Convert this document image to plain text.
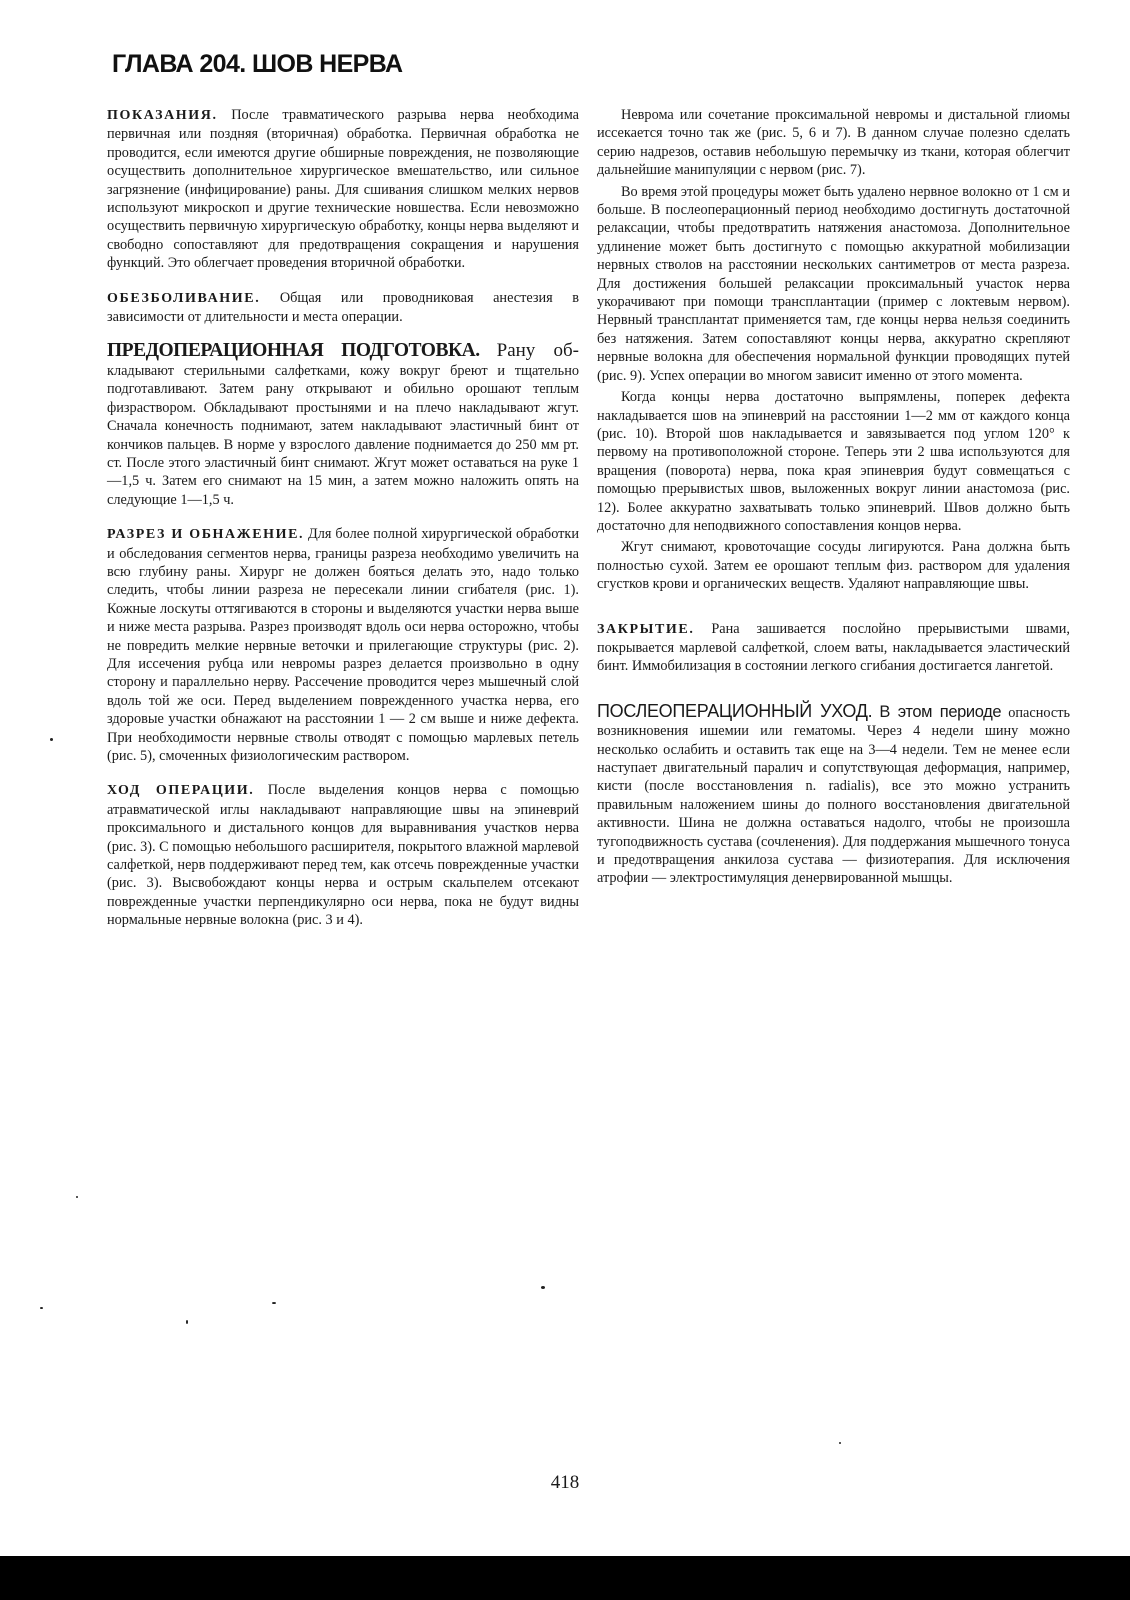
ГЛАВА 204. ШОВ НЕРВА

ПОКАЗАНИЯ. После травматического разрыва нерва необходима первичная или поздняя (вторичная) обработка. Первичная обработка не проводится, если имеются другие обширные повреждения, не позволяющие осуществить дополнительное хирургическое вмешательство, или сильное загрязнение (инфицирование) раны. Для сшивания слишком мелких нервов используют микроскоп и другие технические новшества. Если невозможно осуществить первичную хирургическую обработку, концы нерва выделяют и свободно сопоставляют для предотвращения сокращения и нарушения функций. Это облегчает проведения вторичной обработки.

ОБЕЗБОЛИВАНИЕ. Общая или проводниковая анестезия в зависимости от длительности и места операции.

ПРЕДОПЕРАЦИОННАЯ ПОДГОТОВКА. Рану об- кладывают стерильными салфетками, кожу вокруг бреют и тщательно подготавливают. Затем рану открывают и обильно орошают теплым физраствором. Обкладывают простынями и на плечо накладывают жгут. Сначала конечность поднимают, затем накладывают эластичный бинт от кончиков пальцев. В норме у взрослого давление поднимается до 250 мм рт. ст. После этого эластичный бинт снимают. Жгут может оставаться на руке 1—1,5 ч. Затем его снимают на 15 мин, а затем можно наложить опять на следующие 1—1,5 ч.

РАЗРЕЗ И ОБНАЖЕНИЕ. Для более полной хирургической обработки и обследования сегментов нерва, границы разреза необходимо увеличить на всю глубину раны. Хирург не должен бояться делать это, надо только следить, чтобы линии разреза не пересекали линии сгибателя (рис. 1). Кожные лоскуты оттягиваются в стороны и выделяются участки нерва выше и ниже места разрыва. Разрез производят вдоль оси нерва осторожно, чтобы не повредить мелкие нервные веточки и прилегающие структуры (рис. 2). Для иссечения рубца или невромы разрез делается произвольно в одну сторону и параллельно нерву. Рассечение проводится через мышечный слой вдоль той же оси. Перед выделением поврежденного участка нерва, его здоровые участки обнажают на расстоянии 1 — 2 см выше и ниже дефекта. При необходимости нервные стволы отводят с помощью марлевых петель (рис. 5), смоченных физиологическим раствором.

ХОД ОПЕРАЦИИ. После выделения концов нерва с помощью атравматической иглы накладывают направляющие швы на эпиневрий проксимального и дистального концов для выравнивания участков нерва (рис. 3). С помощью небольшого расширителя, покрытого влажной марлевой салфеткой, нерв поддерживают перед тем, как отсечь поврежденные участки (рис. 3). Высвобождают концы нерва и острым скальпелем отсекают поврежденные участки перпендикулярно оси нерва, пока не будут видны нормальные нервные волокна (рис. 3 и 4).

Неврома или сочетание проксимальной невромы и дистальной глиомы иссекается точно так же (рис. 5, 6 и 7). В данном случае полезно сделать серию надрезов, оставив небольшую перемычку из ткани, которая облегчит дальнейшие манипуляции с нервом (рис. 7).

Во время этой процедуры может быть удалено нервное волокно от 1 см и больше. В послеоперационный период необходимо достигнуть достаточной релаксации, чтобы предотвратить натяжения анастомоза. Дополнительное удлинение может быть достигнуто с помощью аккуратной мобилизации нервных стволов на расстоянии нескольких сантиметров от места разреза. Для достижения большей релаксации проксимальный участок нерва укорачивают при помощи трансплантации (пример с локтевым нервом). Нервный трансплантат применяется там, где концы нерва нельзя соединить без натяжения. Затем сопоставляют концы нерва, аккуратно скрепляют нервные волокна для обеспечения нормальной функции проводящих путей (рис. 9). Успех операции во многом зависит именно от этого момента.

Когда концы нерва достаточно выпрямлены, поперек дефекта накладывается шов на эпиневрий на расстоянии 1—2 мм от каждого конца (рис. 10). Второй шов накладывается и завязывается под углом 120° к первому на противоположной стороне. Теперь эти 2 шва используются для вращения (поворота) нерва, пока края эпиневрия будут совмещаться с помощью прерывистых швов, выложенных вокруг линии анастомоза (рис. 12). Более аккуратно захватывать только эпиневрий. Швов должно быть достаточно для неподвижного сопоставления концов нерва.

Жгут снимают, кровоточащие сосуды лигируются. Рана должна быть полностью сухой. Затем ее орошают теплым физ. раствором для удаления сгустков крови и органических веществ. Удаляют направляющие швы.

ЗАКРЫТИЕ. Рана зашивается послойно прерывистыми швами, покрывается марлевой салфеткой, слоем ваты, накладывается эластический бинт. Иммобилизация в состоянии легкого сгибания достигается лангетой.

ПОСЛЕОПЕРАЦИОННЫЙ УХОД. В этом периоде опасность возникновения ишемии или гематомы. Через 4 недели шину можно несколько ослабить и оставить так еще на 3—4 недели. Тем не менее если наступает двигательный паралич и сопутствующая деформация, например, кисти (после восстановления n. radialis), все это можно устранить правильным наложением шины до полного восстановления двигательной активности. Шина не должна оставаться надолго, чтобы не произошла тугоподвижность сустава (сочленения). Для поддержания мышечного тонуса и предотвращения анкилоза сустава — физиотерапия. Для исключения атрофии — электростимуляция денервированной мышцы.

418
